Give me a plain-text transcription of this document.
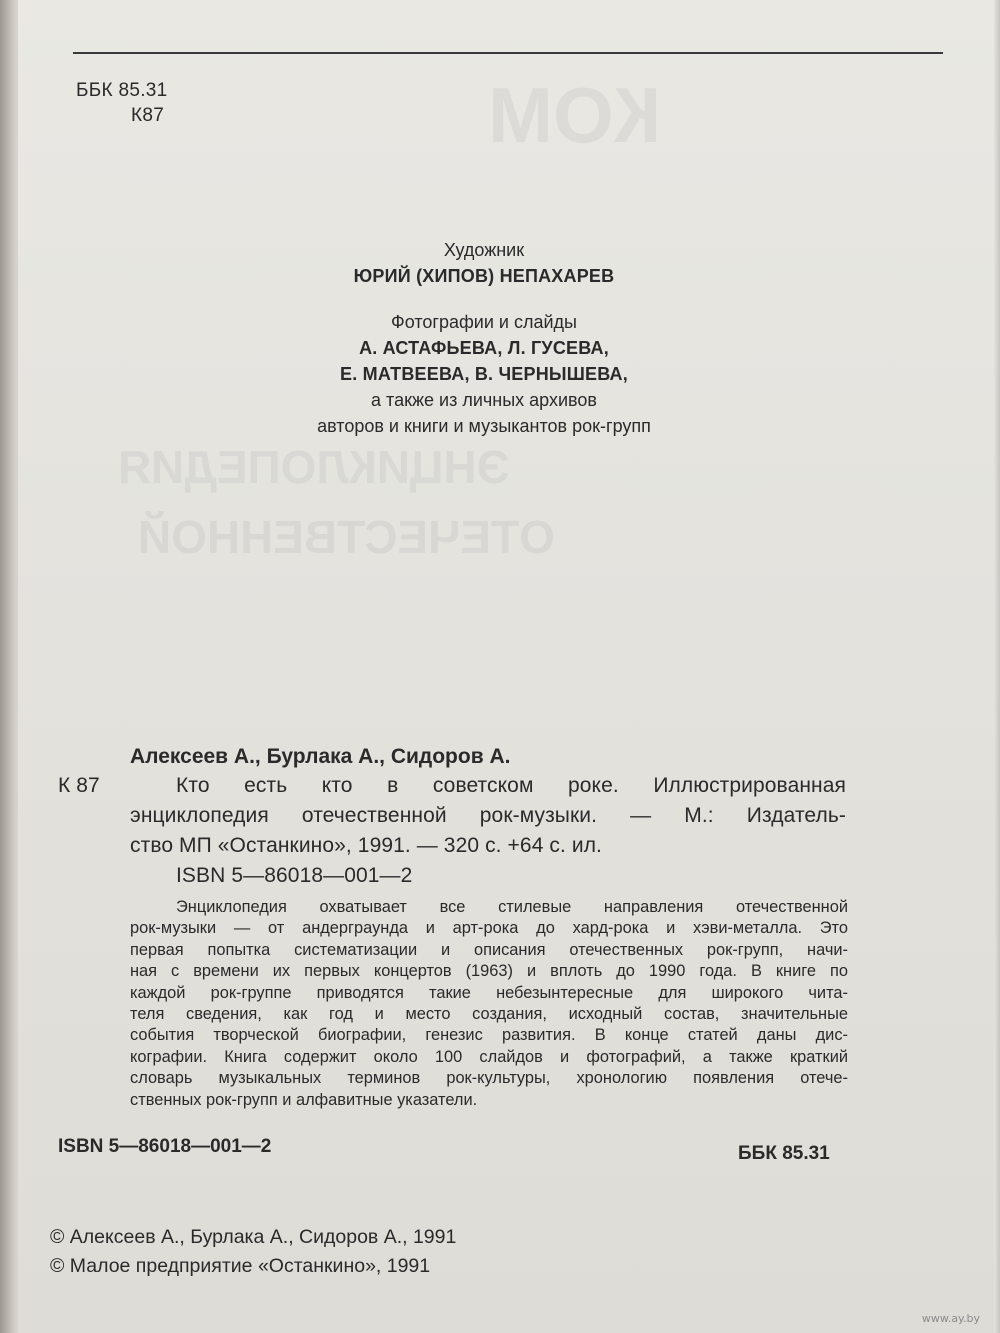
КОМ
ЭНЦИКЛОПЕДИЯ
ОТЕЧЕСТВЕННОЙ
ББК 85.31
К87
Художник
ЮРИЙ (ХИПОВ) НЕПАХАРЕВ
Фотографии и слайды
А. АСТАФЬЕВА, Л. ГУСЕВА,
Е. МАТВЕЕВА, В. ЧЕРНЫШЕВА,
а также из личных архивов
авторов и книги и музыкантов рок-групп
Алексеев А., Бурлака А., Сидоров А.
К 87	Кто есть кто в советском роке. Иллюстрированная
энциклопедия отечественной рок-музыки. — М.: Издатель-
ство МП «Останкино», 1991. — 320 с. +64 с. ил.
ISBN 5—86018—001—2
Энциклопедия охватывает все стилевые направления отечественной
рок-музыки — от андерграунда и арт-рока до хард-рока и хэви-металла. Это
первая попытка систематизации и описания отечественных рок-групп, начи-
ная с времени их первых концертов (1963) и вплоть до 1990 года. В книге по
каждой рок-группе приводятся такие небезынтересные для широкого чита-
теля сведения, как год и место создания, исходный состав, значительные
события творческой биографии, генезис развития. В конце статей даны дис-
кографии. Книга содержит около 100 слайдов и фотографий, а также краткий
словарь музыкальных терминов рок-культуры, хронологию появления отече-
ственных рок-групп и алфавитные указатели.
ISBN 5—86018—001—2	ББК 85.31
© Алексеев А., Бурлака А., Сидоров А., 1991
© Малое предприятие «Останкино», 1991
www.ay.by
